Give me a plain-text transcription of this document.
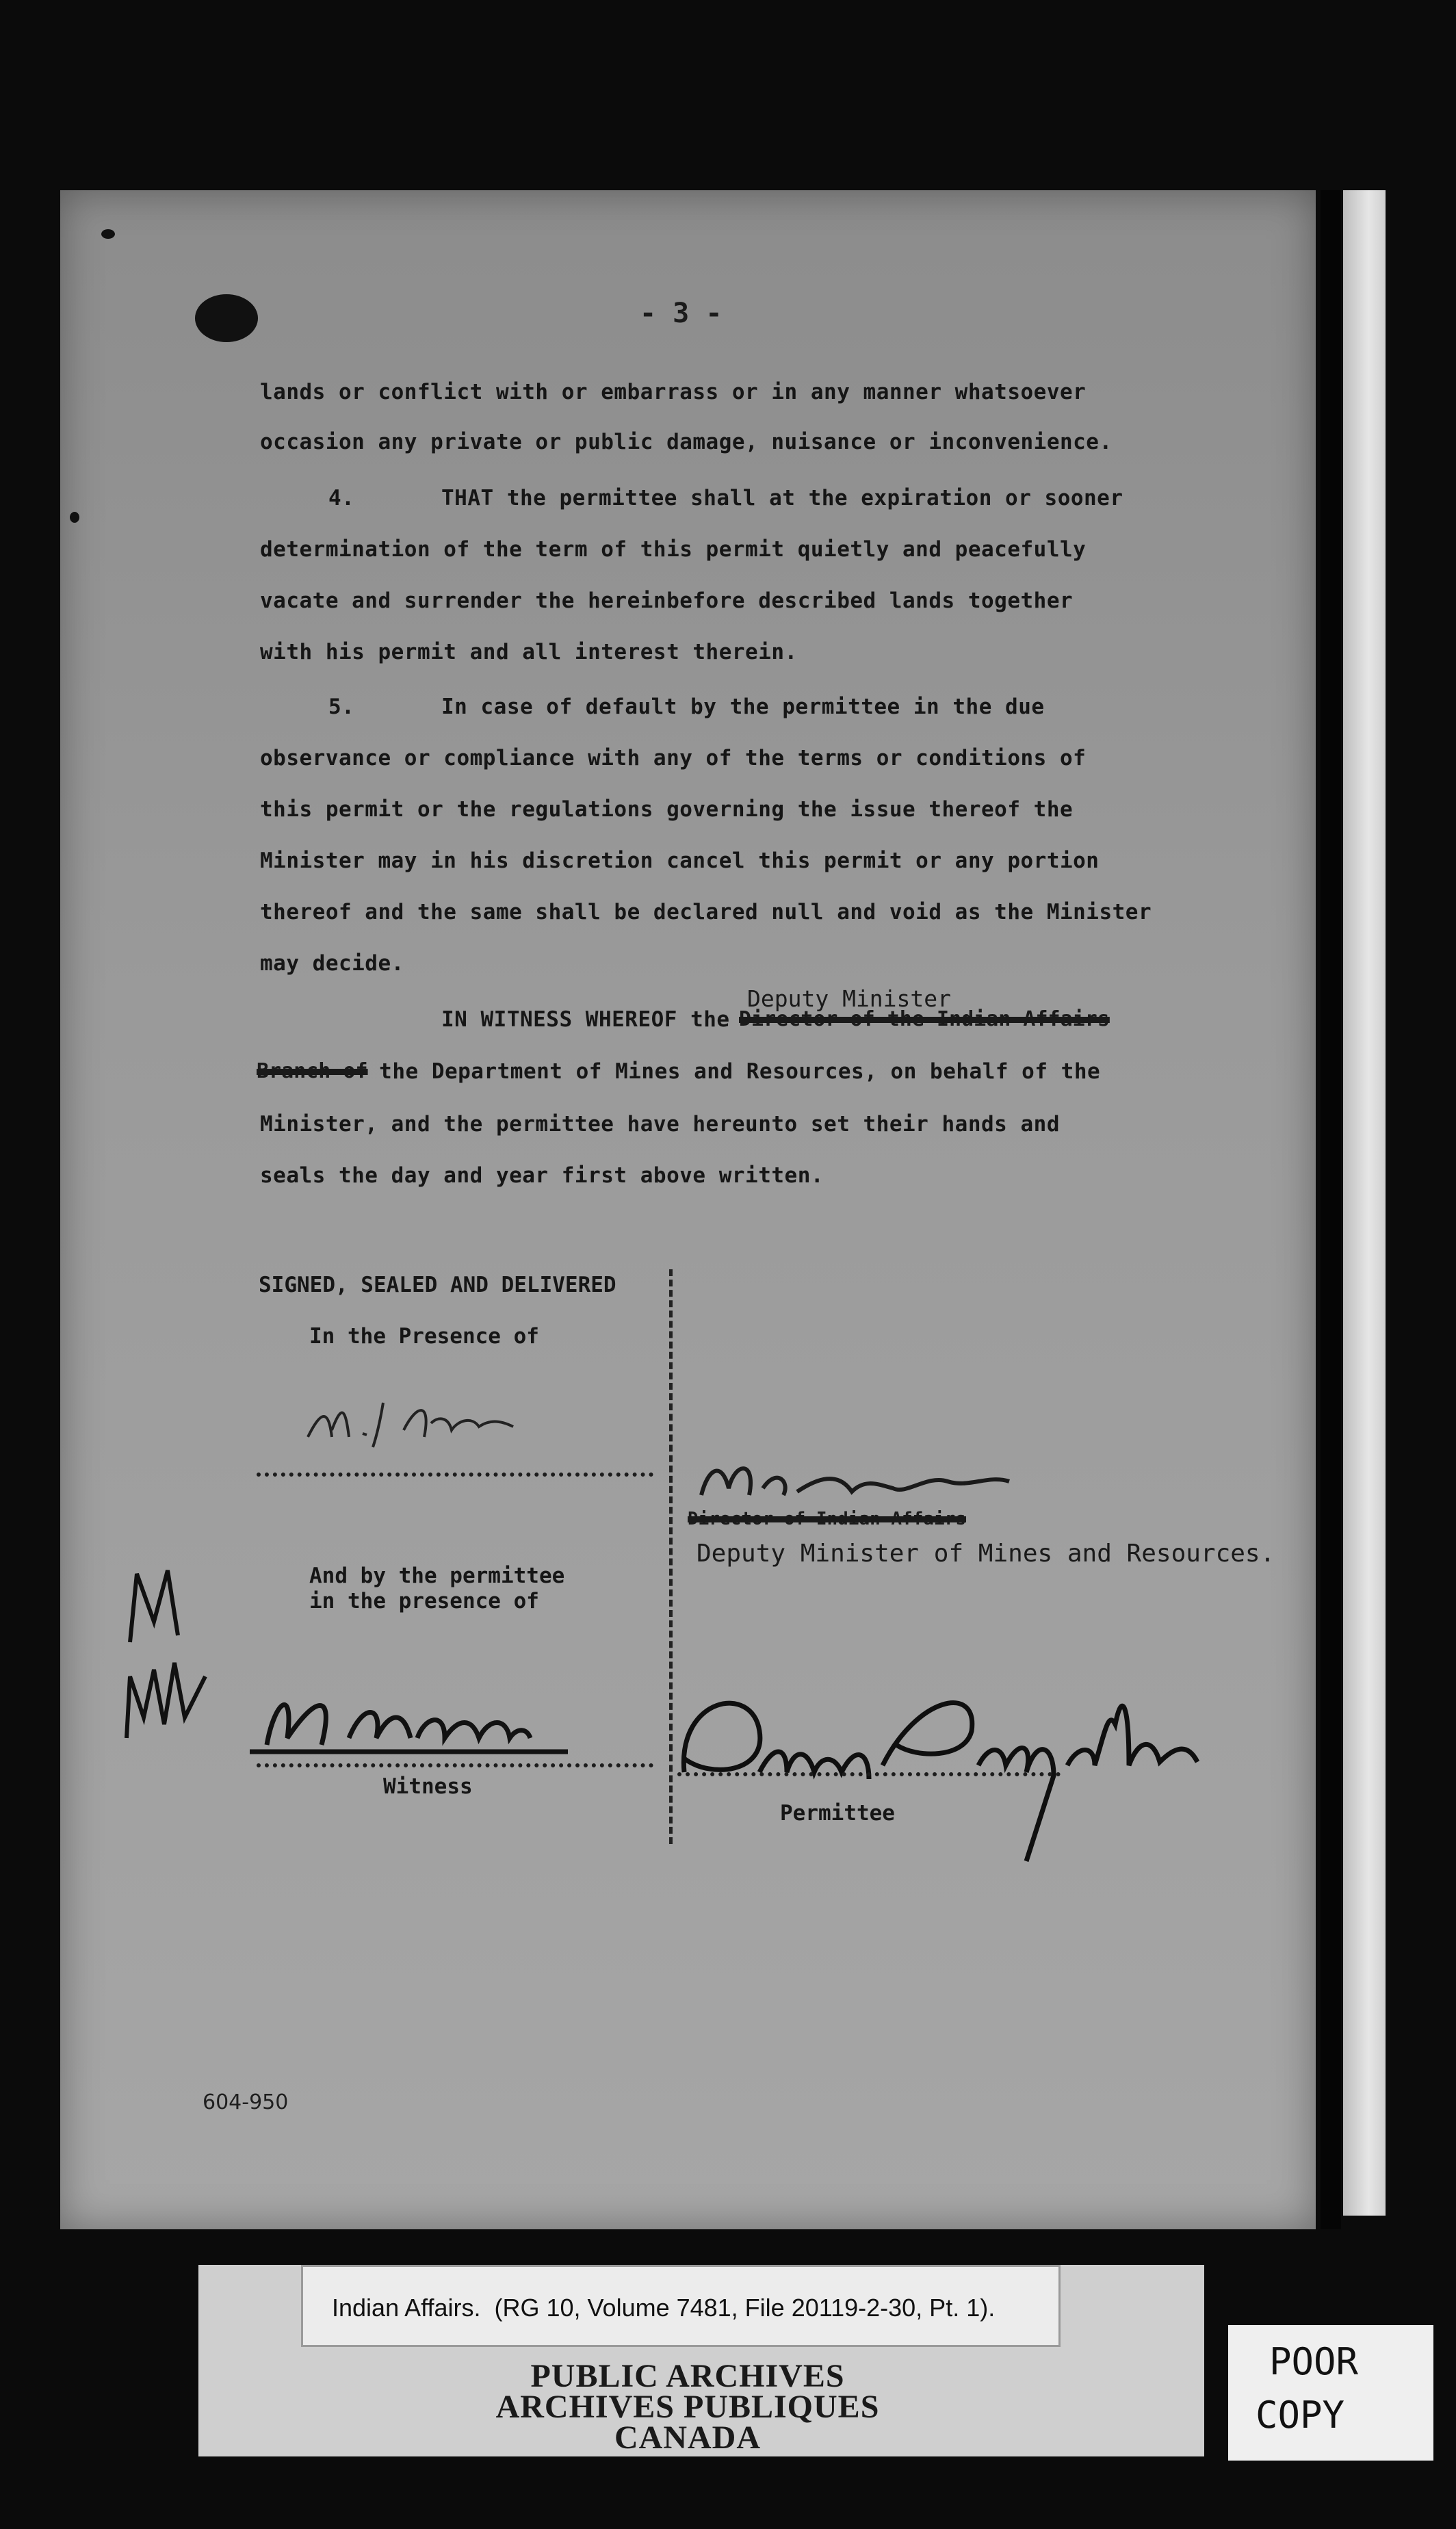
- 3 -
lands or conflict with or embarrass or in any manner whatsoever
occasion any private or public damage, nuisance or inconvenience.
4.	THAT the permittee shall at the expiration or sooner
determination of the term of this permit quietly and peacefully
vacate and surrender the hereinbefore described lands together
with his permit and all interest therein.
5.	In case of default by the permittee in the due
observance or compliance with any of the terms or conditions of
this permit or the regulations governing the issue thereof the
Minister may in his discretion cancel this permit or any portion
thereof and the same shall be declared null and void as the Minister
may decide.
Deputy Minister
IN WITNESS WHEREOF the Director of the Indian Affairs
Branch of
the Department of Mines and Resources, on behalf of the
Minister, and the permittee have hereunto set their hands and
seals the day and year first above written.
SIGNED, SEALED AND DELIVERED
In the Presence of
Director of Indian Affairs
Deputy Minister of Mines and Resources.
And by the permittee
in the presence of
Witness
Permittee
604-950
Indian Affairs.  (RG 10, Volume 7481, File 20119-2-30, Pt. 1).
PUBLIC ARCHIVES
ARCHIVES PUBLIQUES
CANADA
POOR
COPY
